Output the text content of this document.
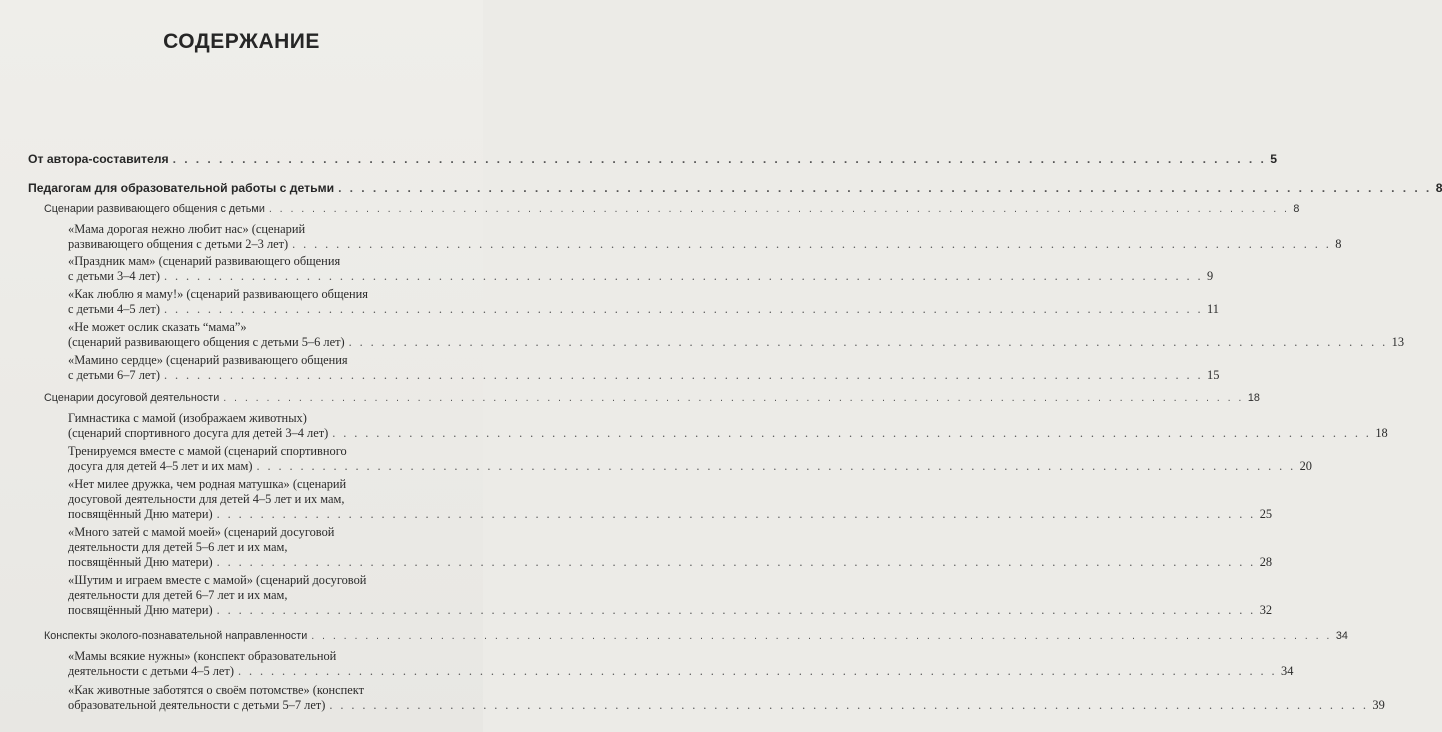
СОДЕРЖАНИЕ
От автора-составителя . . .	5
Педагогам для образовательной работы с детьми . . .	8
Сценарии развивающего общения с детьми . . .	8
«Мама дорогая нежно любит нас» (сценарий
развивающего общения с детьми 2–3 лет) . . .	8
«Праздник мам» (сценарий развивающего общения
с детьми 3–4 лет) . . .	9
«Как люблю я маму!» (сценарий развивающего общения
с детьми 4–5 лет) . . .	11
«Не может ослик сказать “мама”»
(сценарий развивающего общения с детьми 5–6 лет) . . .	13
«Мамино сердце» (сценарий развивающего общения
с детьми 6–7 лет) . . .	15
Сценарии досуговой деятельности . . .	18
Гимнастика с мамой (изображаем животных)
(сценарий спортивного досуга для детей 3–4 лет) . . .	18
Тренируемся вместе с мамой (сценарий спортивного
досуга для детей 4–5 лет и их мам) . . .	20
«Нет милее дружка, чем родная матушка» (сценарий
досуговой деятельности для детей 4–5 лет и их мам,
посвящённый Дню матери) . . .	25
«Много затей с мамой моей» (сценарий досуговой
деятельности для детей 5–6 лет и их мам,
посвящённый Дню матери) . . .	28
«Шутим и играем вместе с мамой» (сценарий досуговой
деятельности для детей 6–7 лет и их мам,
посвящённый Дню матери) . . .	32
Конспекты эколого-познавательной направленности . . .	34
«Мамы всякие нужны» (конспект образовательной
деятельности с детьми 4–5 лет) . . .	34
«Как животные заботятся о своём потомстве» (конспект
образовательной деятельности с детьми 5–7 лет) . . .	39
